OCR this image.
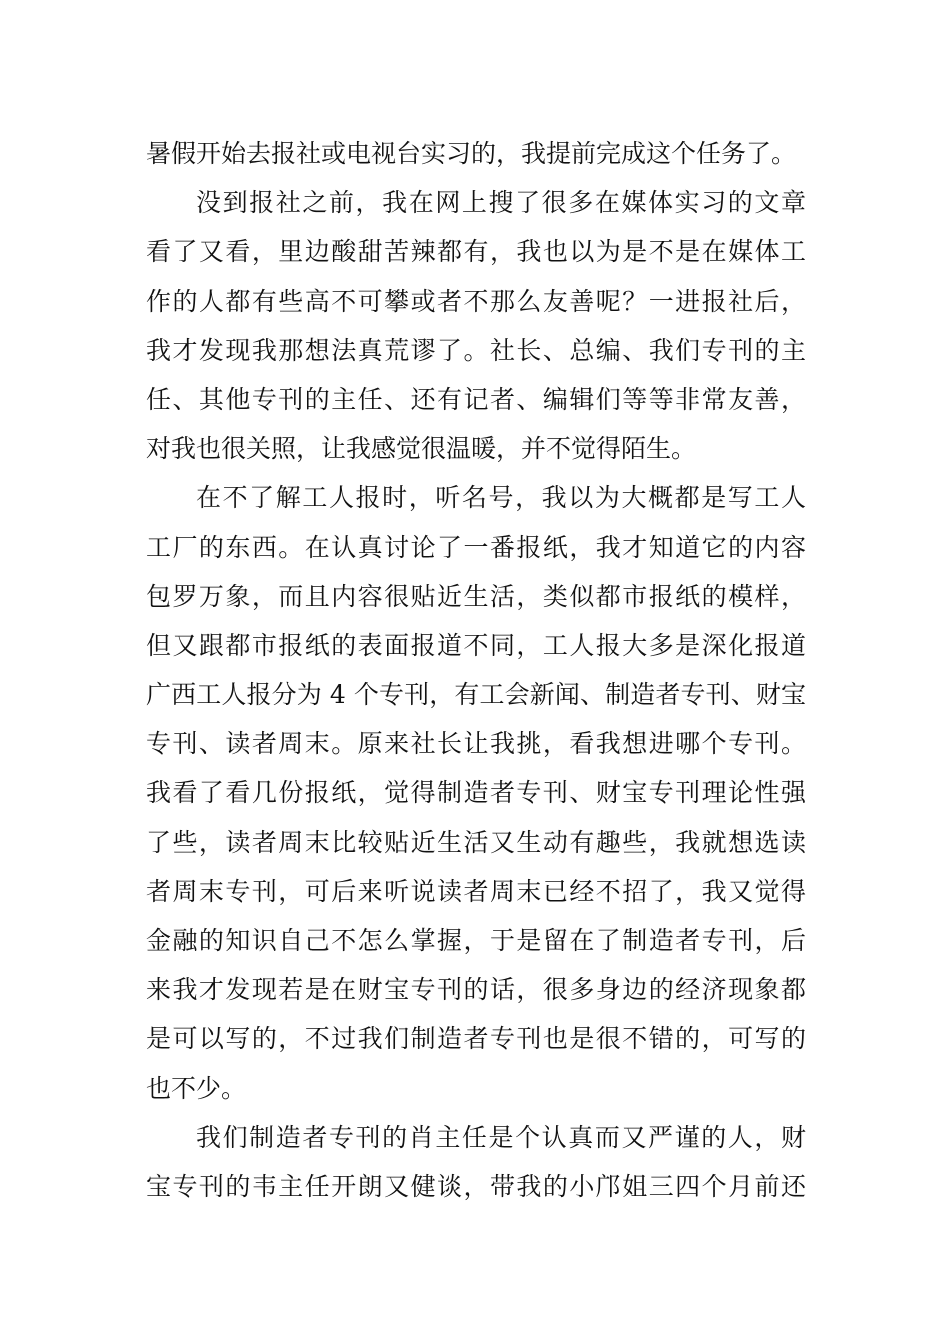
暑假开始去报社或电视台实习的，我提前完成这个任务了。
没到报社之前，我在网上搜了很多在媒体实习的文章
看了又看，里边酸甜苦辣都有，我也以为是不是在媒体工
作的人都有些高不可攀或者不那么友善呢？一进报社后，
我才发现我那想法真荒谬了。社长、总编、我们专刊的主
任、其他专刊的主任、还有记者、编辑们等等非常友善，
对我也很关照，让我感觉很温暖，并不觉得陌生。
在不了解工人报时，听名号，我以为大概都是写工人
工厂的东西。在认真讨论了一番报纸，我才知道它的内容
包罗万象，而且内容很贴近生活，类似都市报纸的模样，
但又跟都市报纸的表面报道不同，工人报大多是深化报道
广西工人报分为 4 个专刊，有工会新闻、制造者专刊、财宝
专刊、读者周末。原来社长让我挑，看我想进哪个专刊。
我看了看几份报纸，觉得制造者专刊、财宝专刊理论性强
了些，读者周末比较贴近生活又生动有趣些，我就想选读
者周末专刊，可后来听说读者周末已经不招了，我又觉得
金融的知识自己不怎么掌握，于是留在了制造者专刊，后
来我才发现若是在财宝专刊的话，很多身边的经济现象都
是可以写的，不过我们制造者专刊也是很不错的，可写的
也不少。
我们制造者专刊的肖主任是个认真而又严谨的人，财
宝专刊的韦主任开朗又健谈，带我的小邝姐三四个月前还
